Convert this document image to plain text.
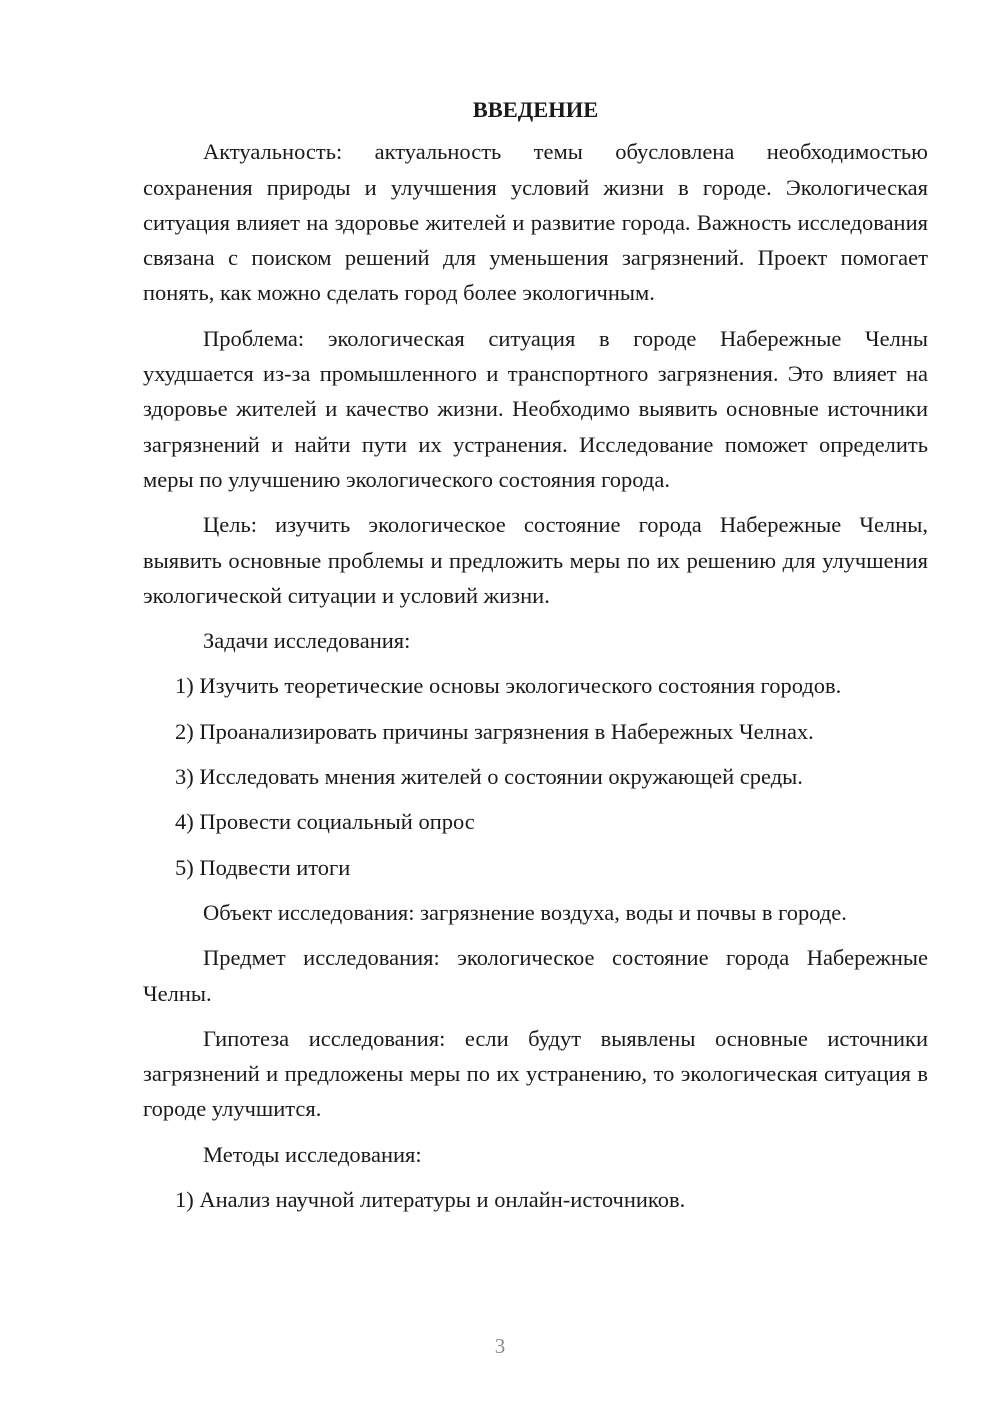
ВВЕДЕНИЕ

Актуальность: актуальность темы обусловлена необходимостью сохранения природы и улучшения условий жизни в городе. Экологическая ситуация влияет на здоровье жителей и развитие города. Важность исследования связана с поиском решений для уменьшения загрязнений. Проект помогает понять, как можно сделать город более экологичным.

Проблема: экологическая ситуация в городе Набережные Челны ухудшается из-за промышленного и транспортного загрязнения. Это влияет на здоровье жителей и качество жизни. Необходимо выявить основные источники загрязнений и найти пути их устранения. Исследование поможет определить меры по улучшению экологического состояния города.

Цель: изучить экологическое состояние города Набережные Челны, выявить основные проблемы и предложить меры по их решению для улучшения экологической ситуации и условий жизни.

Задачи исследования:
1) Изучить теоретические основы экологического состояния городов.
2) Проанализировать причины загрязнения в Набережных Челнах.
3) Исследовать мнения жителей о состоянии окружающей среды.
4) Провести социальный опрос
5) Подвести итоги

Объект исследования: загрязнение воздуха, воды и почвы в городе.

Предмет исследования: экологическое состояние города Набережные Челны.

Гипотеза исследования: если будут выявлены основные источники загрязнений и предложены меры по их устранению, то экологическая ситуация в городе улучшится.

Методы исследования:
1) Анализ научной литературы и онлайн-источников.
3
